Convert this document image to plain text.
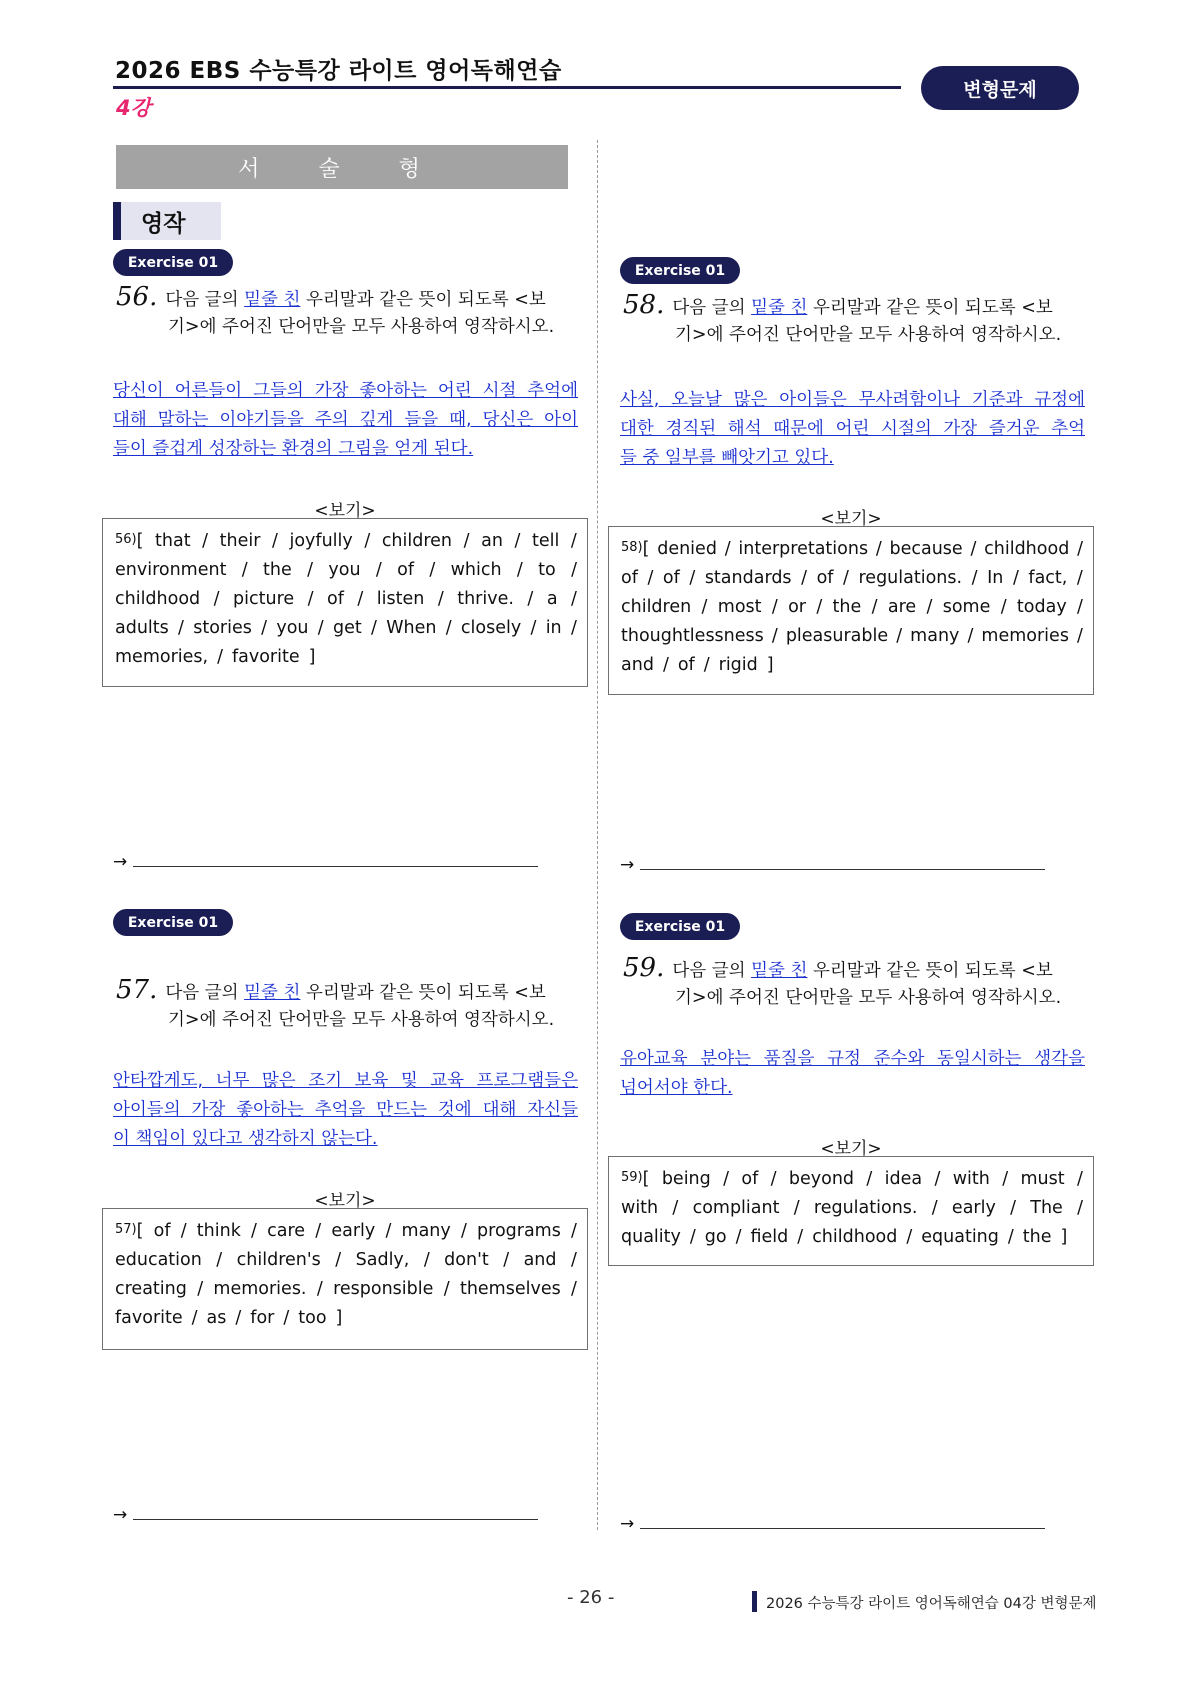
2026 EBS 수능특강 라이트 영어독해연습
4강
변형문제
서 술 형
영작
Exercise 01
56. 다음 글의 밑줄 친 우리말과 같은 뜻이 되도록 <보
기>에 주어진 단어만을 모두 사용하여 영작하시오.
당신이 어른들이 그들의 가장 좋아하는 어린 시절 추억에
대해 말하는 이야기들을 주의 깊게 들을 때, 당신은 아이
들이 즐겁게 성장하는 환경의 그림을 얻게 된다.
<보기>
$^{56)}$[ that / their / joyfully / children / an / tell /
environment / the / you / of / which / to /
childhood / picture / of / listen / thrive. / a /
adults / stories / you / get / When / closely / in /
memories, / favorite ]
→
Exercise 01
57. 다음 글의 밑줄 친 우리말과 같은 뜻이 되도록 <보
기>에 주어진 단어만을 모두 사용하여 영작하시오.
안타깝게도, 너무 많은 조기 보육 및 교육 프로그램들은
아이들의 가장 좋아하는 추억을 만드는 것에 대해 자신들
이 책임이 있다고 생각하지 않는다.
<보기>
$^{57)}$[ of / think / care / early / many / programs /
education / children's / Sadly, / don't / and /
creating / memories. / responsible / themselves /
favorite / as / for / too ]
→
Exercise 01
58. 다음 글의 밑줄 친 우리말과 같은 뜻이 되도록 <보
기>에 주어진 단어만을 모두 사용하여 영작하시오.
사실, 오늘날 많은 아이들은 무사려함이나 기준과 규정에
대한 경직된 해석 때문에 어린 시절의 가장 즐거운 추억
들 중 일부를 빼앗기고 있다.
<보기>
$^{58)}$[ denied / interpretations / because / childhood /
of / of / standards / of / regulations. / In / fact, /
children / most / or / the / are / some / today /
thoughtlessness / pleasurable / many / memories /
and / of / rigid ]
→
Exercise 01
59. 다음 글의 밑줄 친 우리말과 같은 뜻이 되도록 <보
기>에 주어진 단어만을 모두 사용하여 영작하시오.
유아교육 분야는 품질을 규정 준수와 동일시하는 생각을
넘어서야 한다.
<보기>
$^{59)}$[ being / of / beyond / idea / with / must /
with / compliant / regulations. / early / The /
quality / go / field / childhood / equating / the ]
→
- 26 -	2026 수능특강 라이트 영어독해연습 04강 변형문제
